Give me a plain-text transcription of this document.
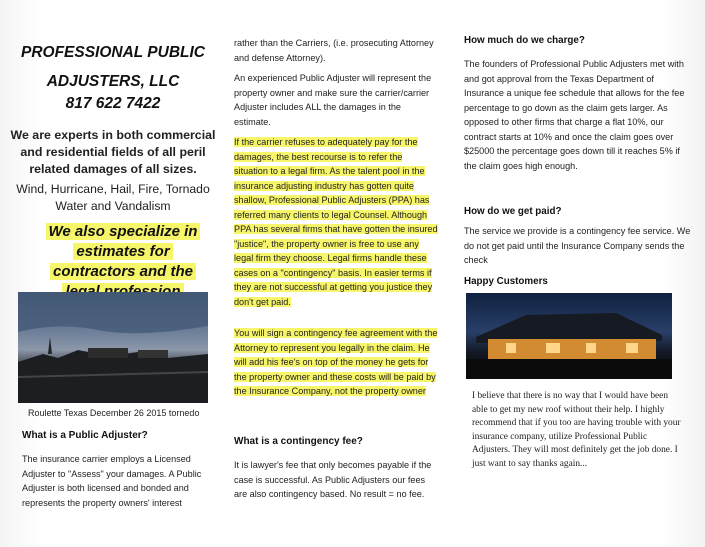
PROFESSIONAL PUBLIC
ADJUSTERS, LLC
817 622 7422

We are experts in both commercial and residential fields of all peril related damages of all sizes.

Wind, Hurricane, Hail, Fire, Tornado Water and Vandalism

We also specialize in estimates for contractors and the

Roulette Texas December 26 2015 tornedo
What is a Public Adjuster?

The insurance carrier employs a Licensed Adjuster to "Assess" your damages. A Public Adjuster is both licensed and bonded and represents the property owners' interest

rather than the Carriers, (i.e. prosecuting Attorney and defense Attorney).

An experienced Public Adjuster will represent the property owner and make sure the carrier/carrier Adjuster includes ALL the damages in the estimate.

If the carrier refuses to adequately pay for the damages, the best recourse is to refer the situation to a legal firm. As the talent pool in the insurance adjusting industry has gotten quite shallow, Professional Public Adjusters (PPA) has referred many clients to legal Counsel. Although PPA has several firms that have gotten the insured "justice", the property owner is free to use any legal firm they choose. Legal firms handle these cases on a "contingency" basis. In easier terms if they are not successful at getting you justice they don't get paid.

You will sign a contingency fee agreement with the Attorney to represent you legally in the claim. He will add his fee's on top of the money he gets for the property owner and these costs will be paid by the Insurance Company, not the property owner

What is a contingency fee?

It is lawyer's fee that only becomes payable if the case is successful. As Public Adjusters our fees are also contingency based. No result = no fee.

How much do we charge?

The founders of Professional Public Adjusters met with and got approval from the Texas Department of Insurance a unique fee schedule that allows for the fee percentage to go down as the claim gets larger. As opposed to other firms that charge a flat 10%, our contract starts at 10% and once the claim goes over $25000 the percentage goes down till it reaches 5% if the claim goes high enough.

How do we get paid?

The service we provide is a contingency fee service. We do not get paid until the Insurance Company sends the check

Happy Customers

I believe that there is no way that I would have been able to get my new roof without their help. I highly recommend that if you too are having trouble with your insurance company, utilize Professional Public Adjusters. They will most definitely get the job done. I just want to say thanks again...
